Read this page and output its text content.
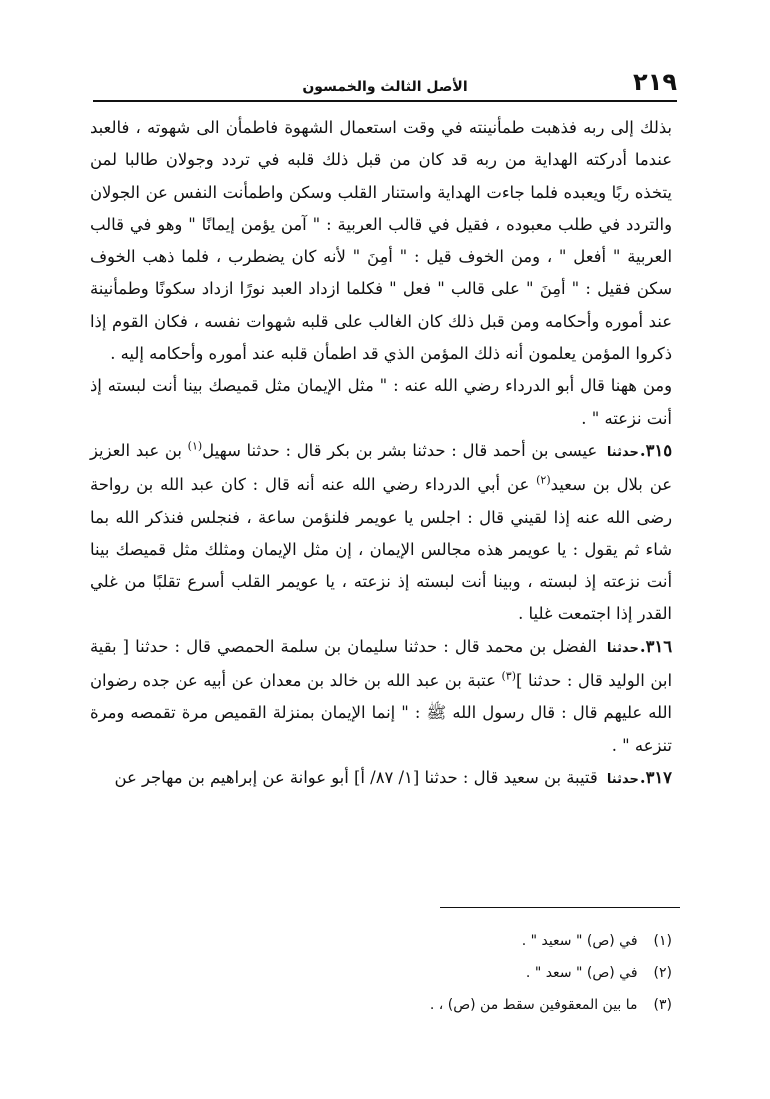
الأصل الثالث والخمسون	٢١٩

بذلك إلى ربه فذهبت طمأنينته في وقت استعمال الشهوة فاطمأن الى شهوته ، فالعبد عندما أدركته الهداية من ربه قد كان من قبل ذلك قلبه في تردد وجولان طالبا لمن يتخذه ربًا ويعبده فلما جاءت الهداية واستنار القلب وسكن واطمأنت النفس عن الجولان والتردد في طلب معبوده ، فقيل في قالب العربية : " آمن يؤمن إيمانًا " وهو في قالب العربية " أفعل " ، ومن الخوف قيل : " أمِنَ " لأنه كان يضطرب ، فلما ذهب الخوف سكن فقيل : " أمِنَ " على قالب " فعل " فكلما ازداد العبد نورًا ازداد سكونًا وطمأنينة عند أموره وأحكامه ومن قبل ذلك كان الغالب على قلبه شهوات نفسه ، فكان القوم إذا ذكروا المؤمن يعلمون أنه ذلك المؤمن الذي قد اطمأن قلبه عند أموره وأحكامه إليه .

ومن ههنا قال أبو الدرداء رضي الله عنه : " مثل الإيمان مثل قميصك بينا أنت لبسته إذ أنت نزعته " .

٣١٥.حدثنا عيسى بن أحمد قال : حدثنا بشر بن بكر قال : حدثنا سهيل$^{(١)}$ بن عبد العزيز عن بلال بن سعيد$^{(٢)}$ عن أبي الدرداء رضي الله عنه أنه قال : كان عبد الله بن رواحة رضى الله عنه إذا لقيني قال : اجلس يا عويمر فلنؤمن ساعة ، فنجلس فنذكر الله بما شاء ثم يقول : يا عويمر هذه مجالس الإيمان ، إن مثل الإيمان ومثلك مثل قميصك بينا أنت نزعته إذ لبسته ، وبينا أنت لبسته إذ نزعته ، يا عويمر القلب أسرع تقلبًا من غلي القدر إذا اجتمعت غليا .

٣١٦.حدثنا الفضل بن محمد قال : حدثنا سليمان بن سلمة الحمصي قال : حدثنا [ بقية ابن الوليد قال : حدثنا ]$^{(٣)}$ عتبة بن عبد الله بن خالد بن معدان عن أبيه عن جده رضوان الله عليهم قال : قال رسول الله ﷺ : " إنما الإيمان بمنزلة القميص مرة تقمصه ومرة تنزعه " .

٣١٧.حدثنا قتيبة بن سعيد قال : حدثنا [١/ ٨٧/ أ] أبو عوانة عن إبراهيم بن مهاجر عن

(١) في (ص) " سعيد " .
(٢) في (ص) " سعد " .
(٣) ما بين المعقوفين سقط من (ص) ، .
